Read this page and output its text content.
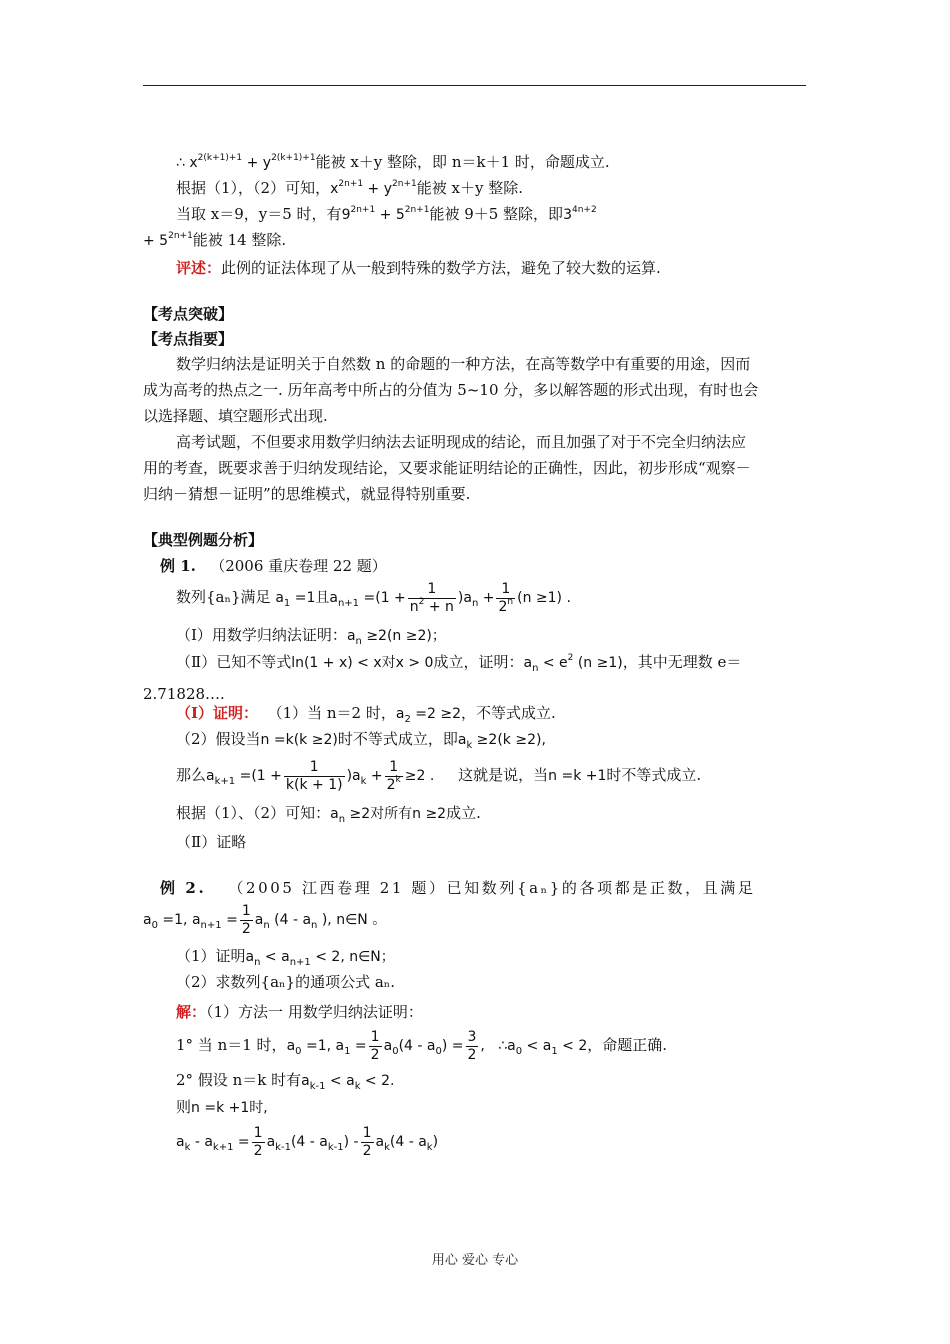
∴ $x^{2(k+1)+1} + y^{2(k+1)+1}$能被 x＋y 整除，即 n＝k＋1 时，命题成立.
根据（1），（2）可知，$x^{2n+1} + y^{2n+1}$能被 x＋y 整除.
当取 x＝9，y＝5 时，有$9^{2n+1} + 5^{2n+1}$能被 9＋5 整除，即$3^{4n+2}$
+ $5^{2n+1}$能被 14 整除.
评述：此例的证法体现了从一般到特殊的数学方法，避免了较大数的运算.
【考点突破】
【考点指要】
数学归纳法是证明关于自然数 n 的命题的一种方法，在高等数学中有重要的用途，因而
成为高考的热点之一. 历年高考中所占的分值为 5~10 分，多以解答题的形式出现，有时也会
以选择题、填空题形式出现.
高考试题，不但要求用数学归纳法去证明现成的结论，而且加强了对于不完全归纳法应
用的考查，既要求善于归纳发现结论，又要求能证明结论的正确性，因此，初步形成“观察－
归纳－猜想－证明”的思维模式，就显得特别重要.
【典型例题分析】
例 1. （2006 重庆卷理 22 题）
数列{aₙ}满足 $a_1 =1$且$a_{n+1} =(1 + \frac{1}{n^2 + n} )a_n + \frac{1}{2^n} (n \ge 1)$ .
（Ⅰ）用数学归纳法证明：$a_n \ge 2(n \ge 2)$；
（Ⅱ）已知不等式ln(1 + x) < x对x > 0成立，证明：$a_n < e^2$ (n ≥1)，其中无理数 e＝
2.71828….
（Ⅰ）证明： （1）当 n＝2 时，$a_2 =2 \ge 2$，不等式成立.
（2）假设当n =k(k ≥2)时不等式成立，即$a_k \ge 2(k \ge 2)$,
那么$a_{k+1} =(1 + \frac{1}{k(k + 1)} )a_k + \frac{1}{2^k} \ge 2$ . 这就是说，当n =k +1时不等式成立.
根据（1）、（2）可知：$a_n \ge 2$对所有n ≥2成立.
（Ⅱ）证略
例 2. （2005 江西卷理 21 题）已知数列{aₙ}的各项都是正数，且满足
$a_0 =1$, $a_{n+1} = \frac{1}{2} a_n$ ($4 - a_n$ ), n∈N 。
（1）证明$a_n < a_{n+1} < 2$, n∈N；
（2）求数列{aₙ}的通项公式 aₙ.
解：（1）方法一 用数学归纳法证明：
1° 当 n＝1 时，$a_0 =1$, $a_1 = \frac{1}{2} a_0(4 - a_0) = \frac{3}{2}$ ,   $\therefore a_0 < a_1 < 2$，命题正确.
2° 假设 n＝k 时有$a_{k-1} < a_k < 2$.
则n =k +1时,
$a_k - a_{k+1} = \frac{1}{2} a_{k-1}(4 - a_{k-1}) - \frac{1}{2} a_k(4 - a_k)$
用心 爱心 专心
